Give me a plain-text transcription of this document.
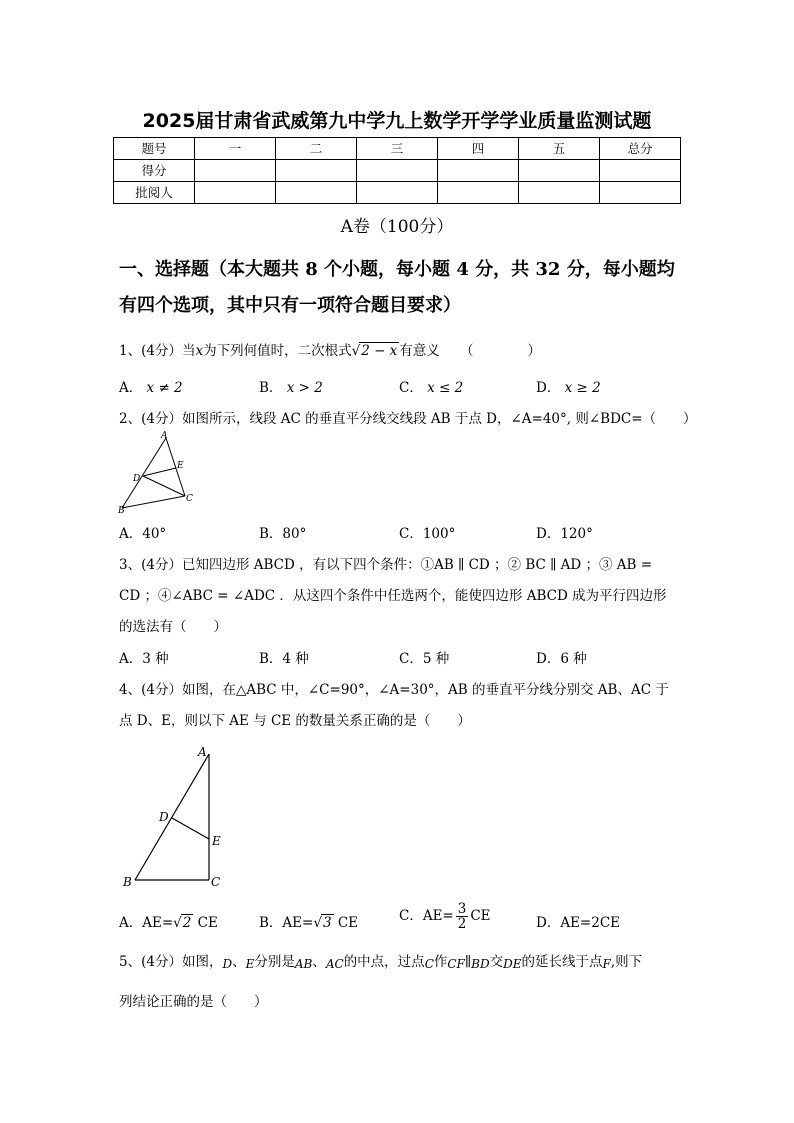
2025届甘肃省武威第九中学九上数学开学学业质量监测试题
题号	一	二	三	四	五	总分
得分						
批阅人						
A卷（100分）
一、选择题（本大题共 8 个小题，每小题 4 分，共 32 分，每小题均
有四个选项，其中只有一项符合题目要求）
1、(4分）当x为下列何值时，二次根式√2 − x 有意义　　（　　　　）
A． x ≠ 2	B． x > 2	C． x ≤ 2	D． x ≥ 2
2、(4分）如图所示，线段 AC 的垂直平分线交线段 AB 于点 D，∠A=40°, 则∠BDC=（　　）
A
E
D
C
B
A．40°	B．80°	C．100°	D．120°
3、(4分）已知四边形 ABCD ，有以下四个条件：①AB ∥ CD ；② BC ∥ AD ；③ AB =
CD ；④∠ABC = ∠ADC ．从这四个条件中任选两个，能使四边形 ABCD 成为平行四边形
的选法有（　　）
A．3 种	B．4 种	C．5 种	D．6 种
4、(4分）如图，在△ABC 中，∠C=90°，∠A=30°，AB 的垂直平分线分别交 AB、AC 于
点 D、E，则以下 AE 与 CE 的数量关系正确的是（　　）
A
D
E
B	C
A．AE=√2 CE	B．AE=√3 CE	C．$AE= \frac{3}{2}$ CE	D．AE=2CE
5、(4分）如图，D、E分别是AB、AC的中点，过点C作CF∥BD交DE的延长线于点F,则下
列结论正确的是（　　）
